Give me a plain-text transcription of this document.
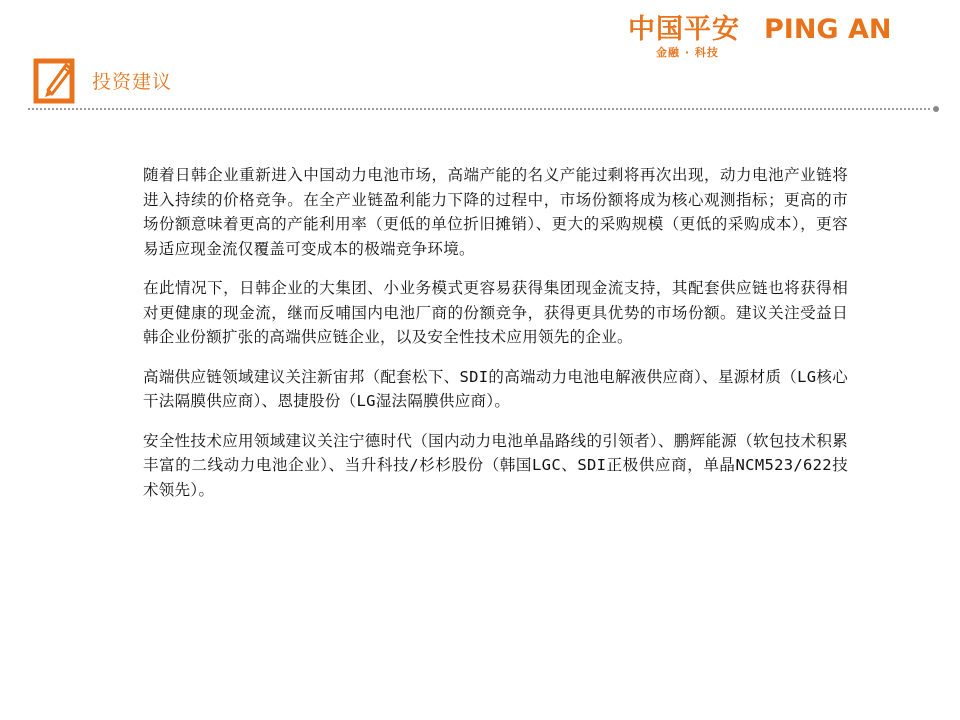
中国平安 PING AN
金融 · 科技
投资建议

随着日韩企业重新进入中国动力电池市场，高端产能的名义产能过剩将再次出现，动力电池产业链将进入持续的价格竞争。在全产业链盈利能力下降的过程中，市场份额将成为核心观测指标；更高的市场份额意味着更高的产能利用率（更低的单位折旧摊销）、更大的采购规模（更低的采购成本），更容易适应现金流仅覆盖可变成本的极端竞争环境。

在此情况下，日韩企业的大集团、小业务模式更容易获得集团现金流支持，其配套供应链也将获得相对更健康的现金流，继而反哺国内电池厂商的份额竞争，获得更具优势的市场份额。建议关注受益日韩企业份额扩张的高端供应链企业，以及安全性技术应用领先的企业。

高端供应链领域建议关注新宙邦（配套松下、SDI的高端动力电池电解液供应商）、星源材质（LG核心干法隔膜供应商）、恩捷股份（LG湿法隔膜供应商）。

安全性技术应用领域建议关注宁德时代（国内动力电池单晶路线的引领者）、鹏辉能源（软包技术积累丰富的二线动力电池企业）、当升科技/杉杉股份（韩国LGC、SDI正极供应商，单晶NCM523/622技术领先）。
